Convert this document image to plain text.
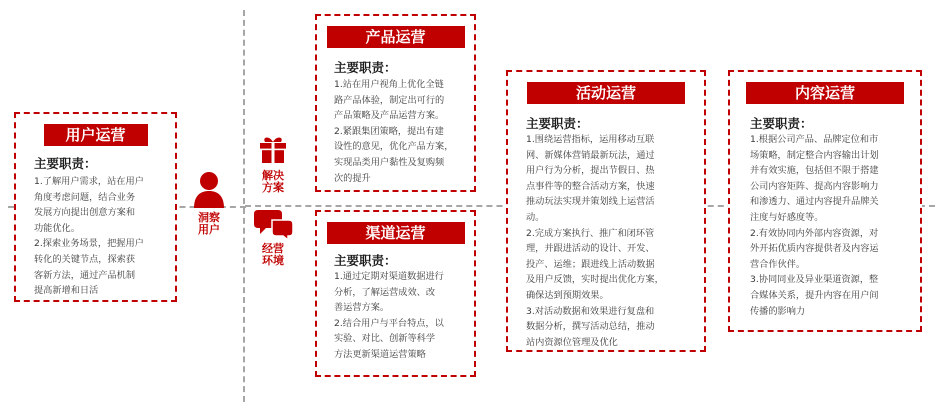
用户运营
主要职责：

1.了解用户需求，站在用户

角度考虑问题，结合业务

发展方向提出创意方案和

功能优化。

2.探索业务场景，把握用户

转化的关键节点，探索获

客新方法，通过产品机制

提高新增和日活

洞察
用户
解决
方案
经营
环境
产品运营
主要职责：

1.站在用户视角上优化全链

路产品体验，制定出可行的

产品策略及产品运营方案。

2.紧跟集团策略，提出有建

设性的意见，优化产品方案，

实现品类用户黏性及复购频

次的提升

渠道运营
主要职责：

1.通过定期对渠道数据进行

分析，了解运营成效、改

善运营方案。

2.结合用户与平台特点，以

实验、对比、创新等科学

方法更新渠道运营策略

活动运营
主要职责：

1.围绕运营指标，运用移动互联

网、新媒体营销最新玩法，通过

用户行为分析，提出节假日、热

点事件等的整合活动方案，快速

推动玩法实现并策划线上运营活

动。

2.完成方案执行、推广和闭环管

理，并跟进活动的设计、开发、

投产、运维；跟进线上活动数据

及用户反馈，实时提出优化方案，

确保达到预期效果。

3.对活动数据和效果进行复盘和

数据分析，撰写活动总结，推动

站内资源位管理及优化

内容运营
主要职责：

1.根据公司产品、品牌定位和市

场策略，制定整合内容输出计划

并有效实施，包括但不限于搭建

公司内容矩阵、提高内容影响力

和渗透力、通过内容提升品牌关

注度与好感度等。

2.有效协同内外部内容资源，对

外开拓优质内容提供者及内容运

营合作伙伴。

3.协同同业及异业渠道资源，整

合媒体关系，提升内容在用户间

传播的影响力
